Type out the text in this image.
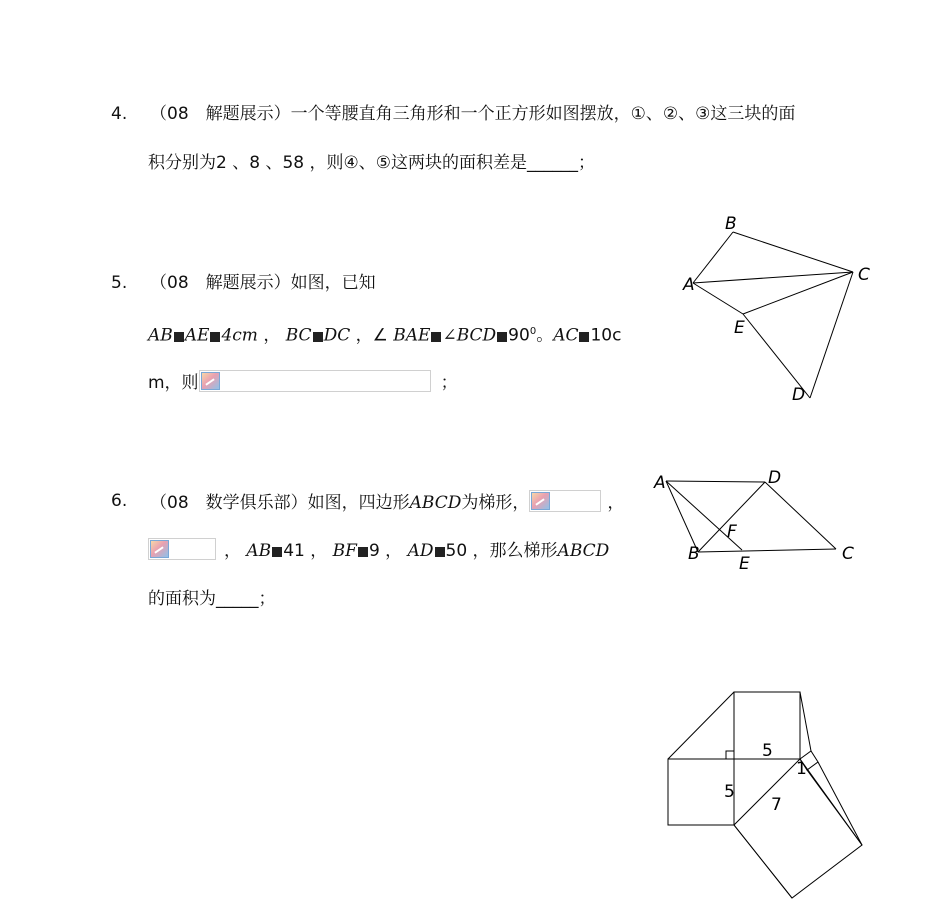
4. （08　解题展示）一个等腰直角三角形和一个正方形如图摆放，①、②、③这三块的面
积分别为2 、8 、58 ，则④、⑤这两块的面积差是______；
5. （08　解题展示）如图，已知
AB AE 4cm ， BC DC ，∠ BAE ∠BCD $90^0$。AC 10c
m，则	；
B
A	C
E
D
6. （08　数学俱乐部）如图，四边形ABCD为梯形，	，
， AB 41 ， BF 9 ， AD 50 ，那么梯形ABCD
的面积为_____；
A	D
F
B E	C
5
1
5
7
